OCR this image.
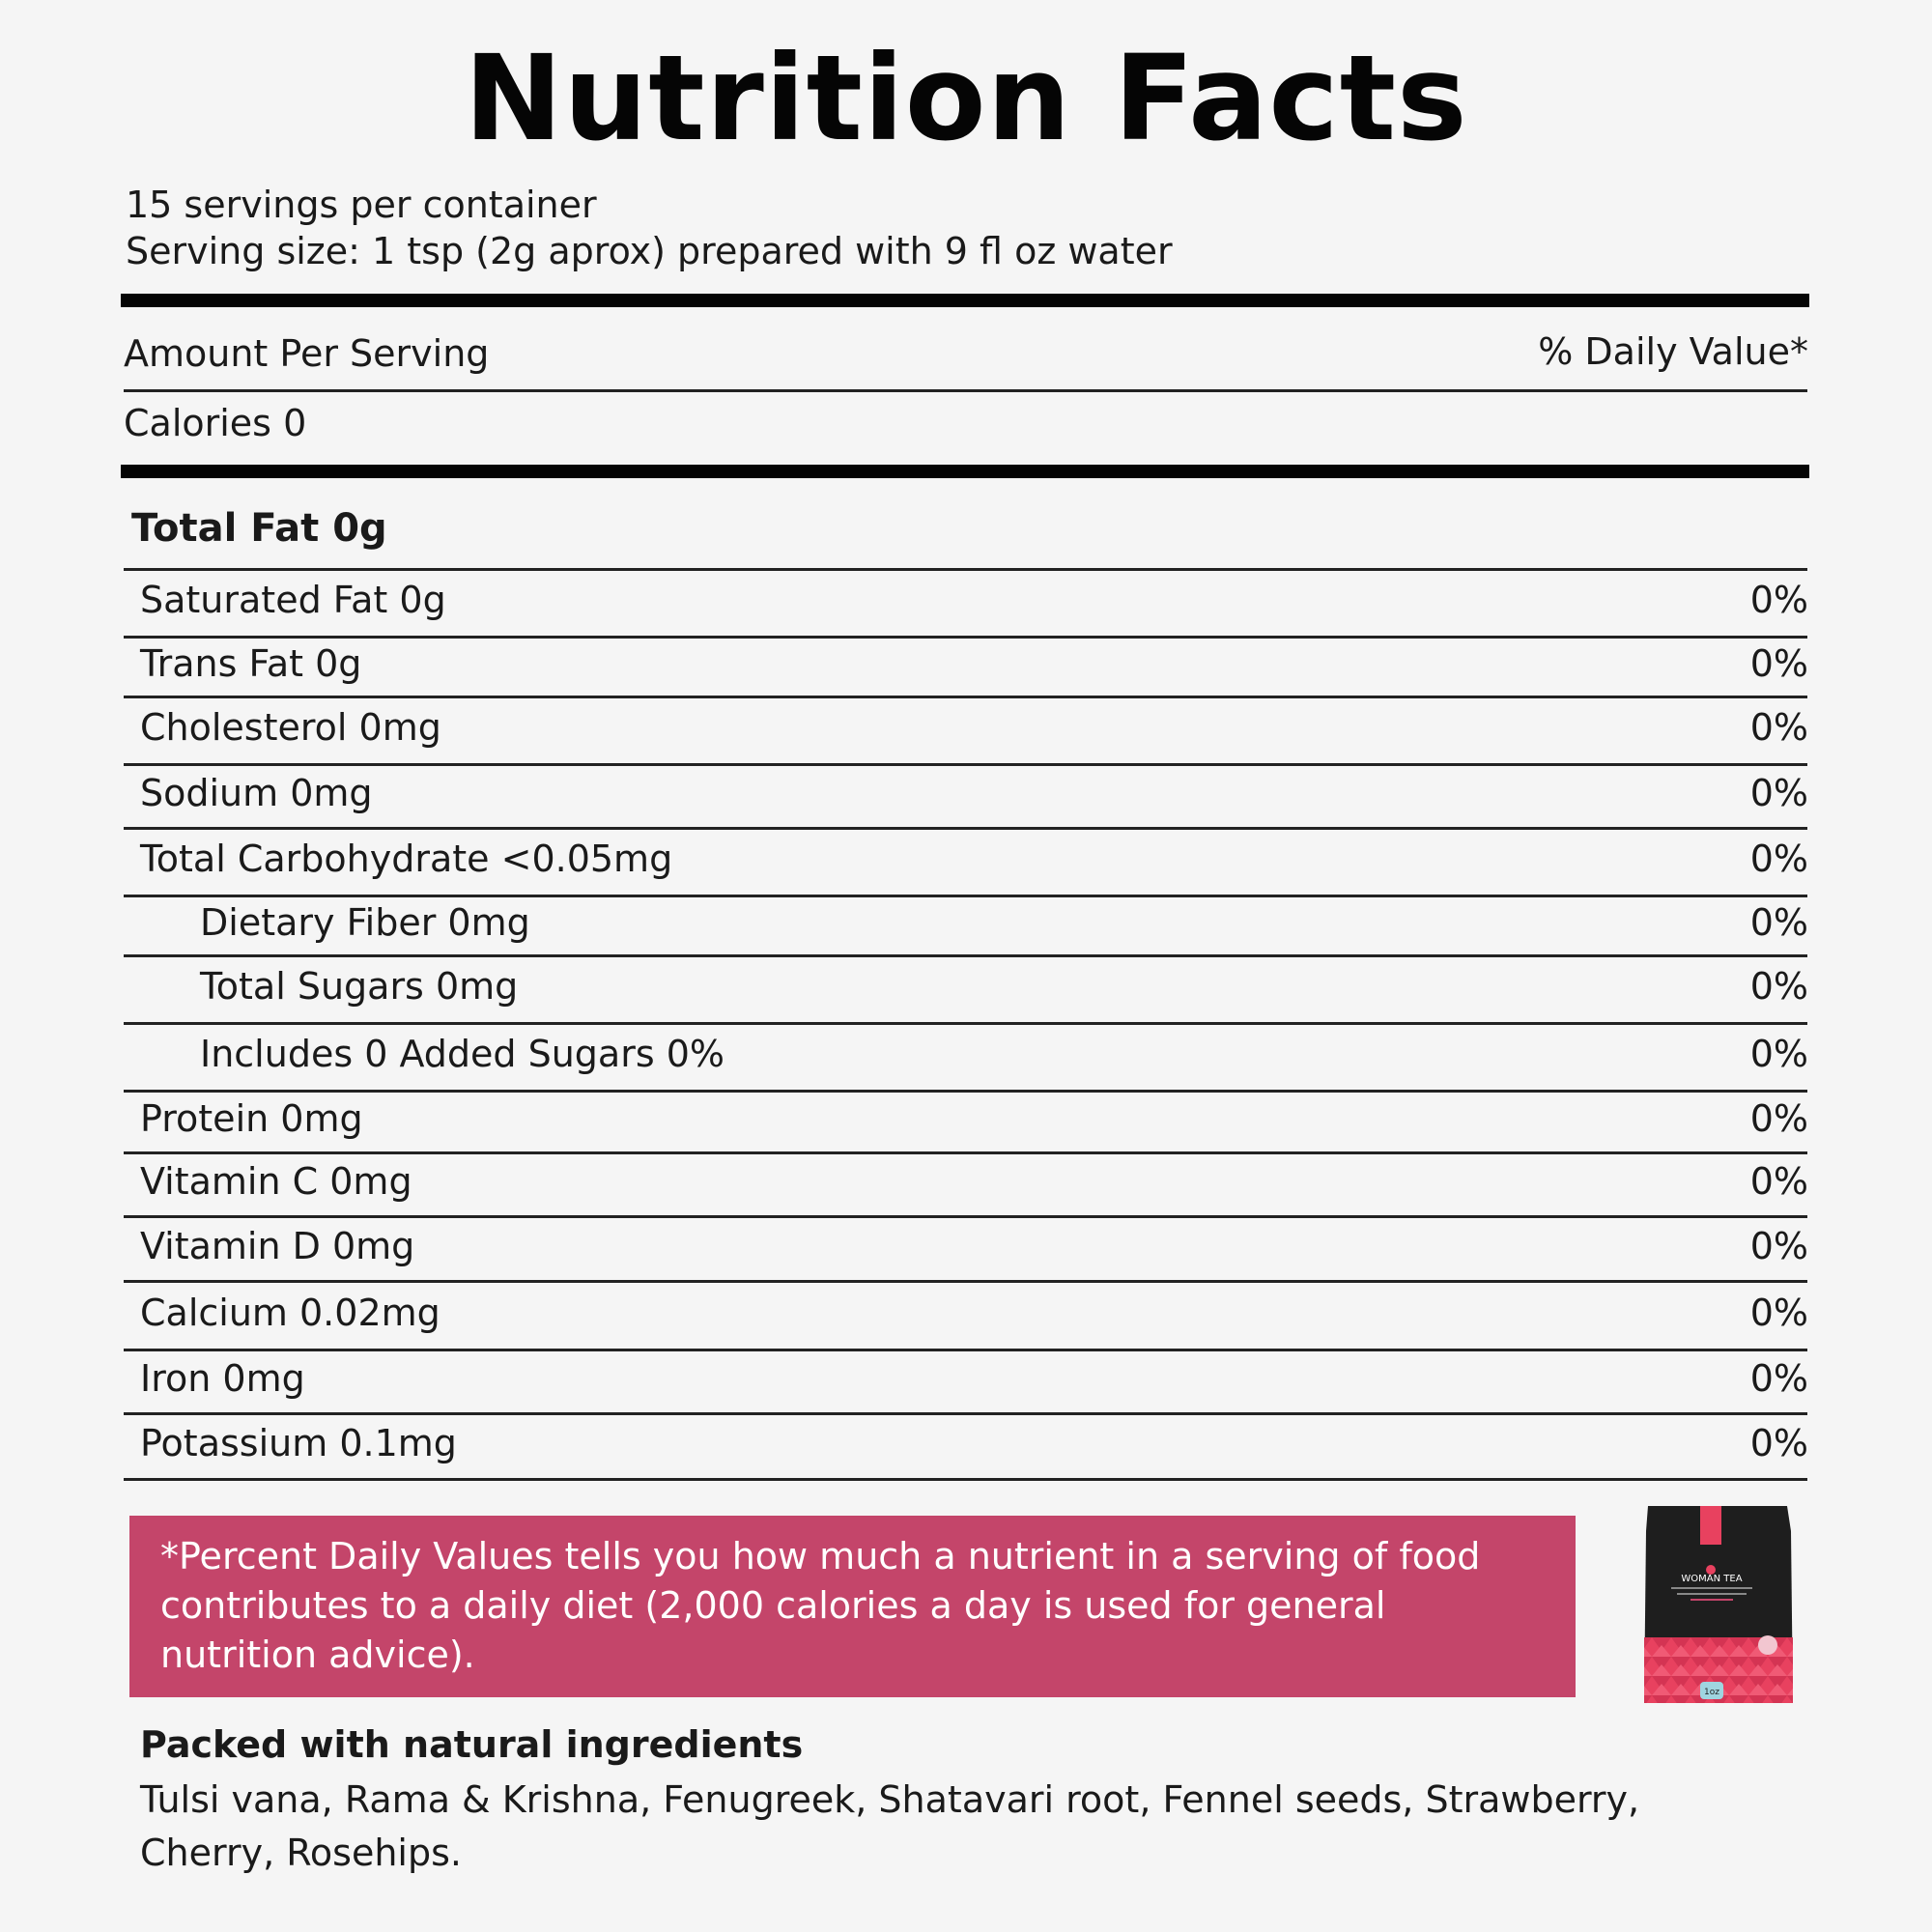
Nutrition Facts
15 servings per container
Serving size: 1 tsp (2g aprox) prepared with 9 fl oz water
Amount Per Serving	% Daily Value*
Calories 0
Total Fat 0g
Saturated Fat 0g	0%
Trans Fat 0g	0%
Cholesterol 0mg	0%
Sodium 0mg	0%
Total Carbohydrate <0.05mg	0%
Dietary Fiber 0mg	0%
Total Sugars 0mg	0%
Includes 0 Added Sugars 0%	0%
Protein 0mg	0%
Vitamin C 0mg	0%
Vitamin D 0mg	0%
Calcium 0.02mg	0%
Iron 0mg	0%
Potassium 0.1mg	0%
*Percent Daily Values tells you how much a nutrient in a serving of food contributes to a daily diet (2,000 calories a day is used for general nutrition advice).
WOMAN TEA
1oz
Packed with natural ingredients
Tulsi vana, Rama & Krishna, Fenugreek, Shatavari root, Fennel seeds, Strawberry, Cherry, Rosehips.
